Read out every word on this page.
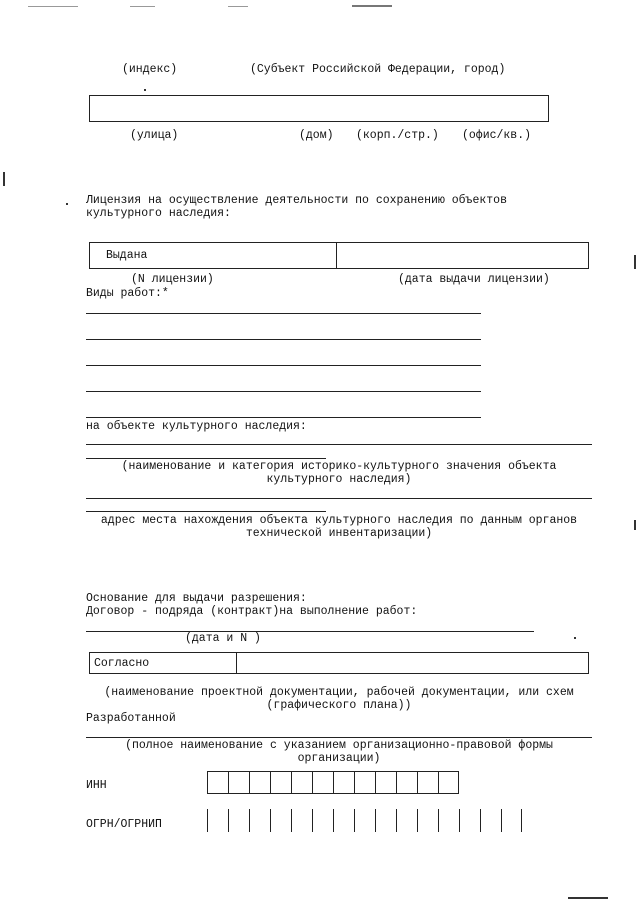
(индекс)	(Субъект Российской Федерации, город)
(улица)	(дом) (корп./стр.) (офис/кв.)
Лицензия на осуществление деятельности по сохранению объектов
культурного наследия:
Выдана
(N лицензии)	(дата выдачи лицензии)
Виды работ:*
на объекте культурного наследия:
(наименование и категория историко-культурного значения объекта
культурного наследия)
адрес места нахождения объекта культурного наследия по данным органов
технической инвентаризации)
Основание для выдачи разрешения:
Договор - подряда (контракт)на выполнение работ:
(дата и N )
Согласно
(наименование проектной документации, рабочей документации, или схем
(графического плана))
Разработанной
(полное наименование с указанием организационно-правовой формы
организации)
ИНН
ОГРН/ОГРНИП
